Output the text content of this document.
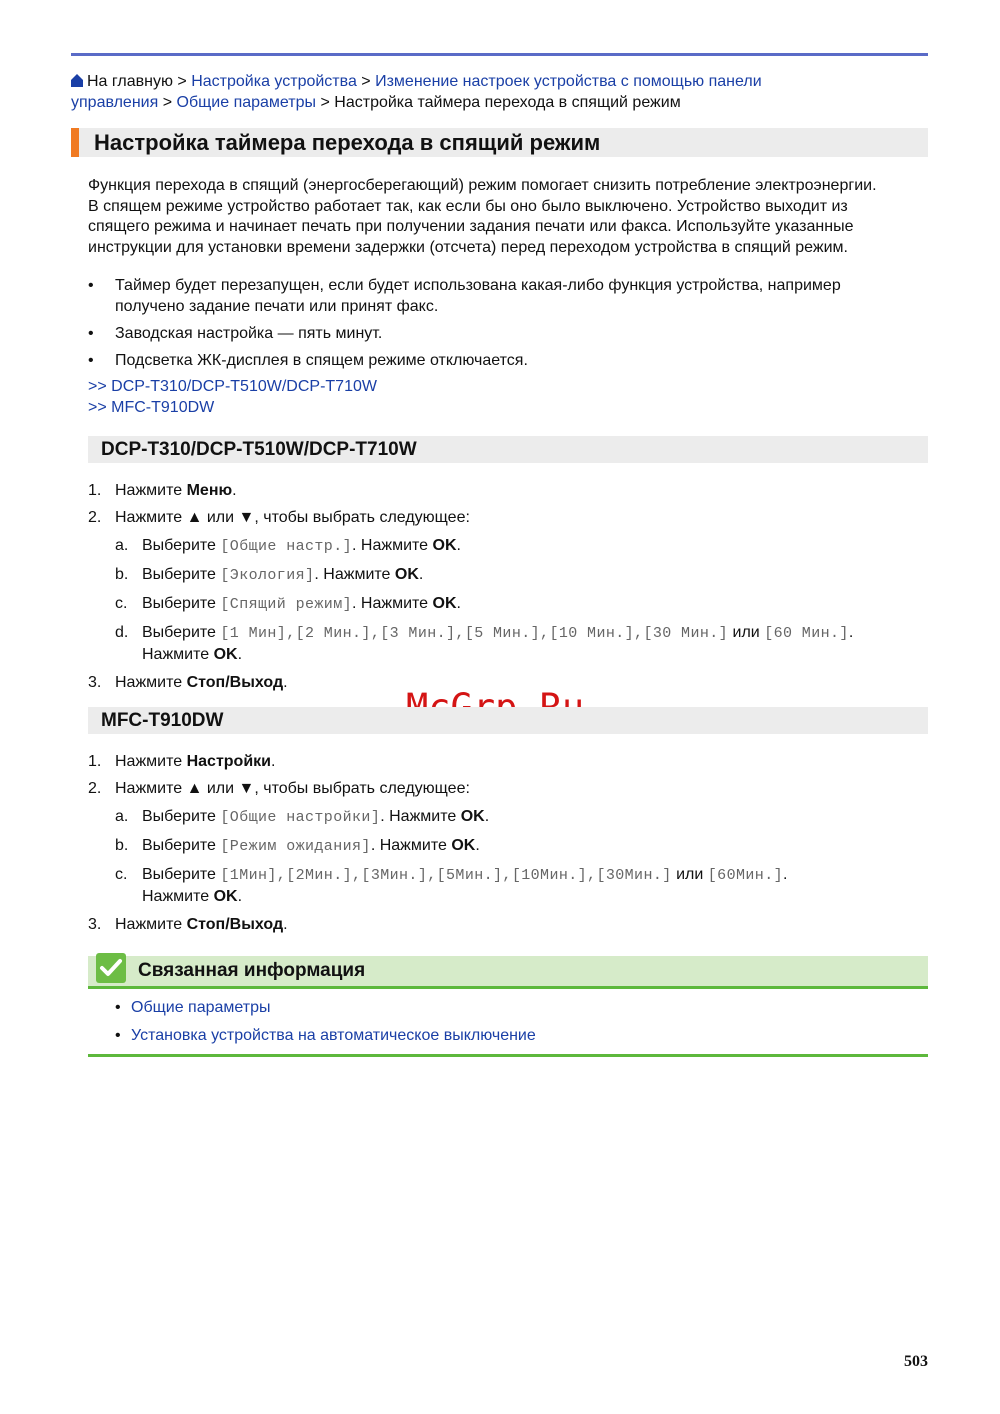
На главную > Настройка устройства > Изменение настроек устройства с помощью панели
управления > Общие параметры > Настройка таймера перехода в спящий режим
Настройка таймера перехода в спящий режим
Функция перехода в спящий (энергосберегающий) режим помогает снизить потребление электроэнергии.
В спящем режиме устройство работает так, как если бы оно было выключено. Устройство выходит из
спящего режима и начинает печать при получении задания печати или факса. Используйте указанные
инструкции для установки времени задержки (отсчета) перед переходом устройства в спящий режим.
• Таймер будет перезапущен, если будет использована какая-либо функция устройства, например
получено задание печати или принят факс.
• Заводская настройка — пять минут.
• Подсветка ЖК-дисплея в спящем режиме отключается.
>> DCP-T310/DCP-T510W/DCP-T710W
>> MFC-T910DW
DCP-T310/DCP-T510W/DCP-T710W
1. Нажмите Меню.
2. Нажмите ▲ или ▼, чтобы выбрать следующее:
a. Выберите [Общие настр.]. Нажмите OK.
b. Выберите [Экология]. Нажмите OK.
c. Выберите [Спящий режим]. Нажмите OK.
d. Выберите [1 Мин],[2 Мин.],[3 Мин.],[5 Мин.],[10 Мин.],[30 Мин.] или [60 Мин.].
Нажмите OK.
3. Нажмите Стоп/Выход.
MFC-T910DW
1. Нажмите Настройки.
2. Нажмите ▲ или ▼, чтобы выбрать следующее:
a. Выберите [Общие настройки]. Нажмите OK.
b. Выберите [Режим ожидания]. Нажмите OK.
c. Выберите [1Мин],[2Мин.],[3Мин.],[5Мин.],[10Мин.],[30Мин.] или [60Мин.].
Нажмите OK.
3. Нажмите Стоп/Выход.
Связанная информация
• Общие параметры
• Установка устройства на автоматическое выключение
503
